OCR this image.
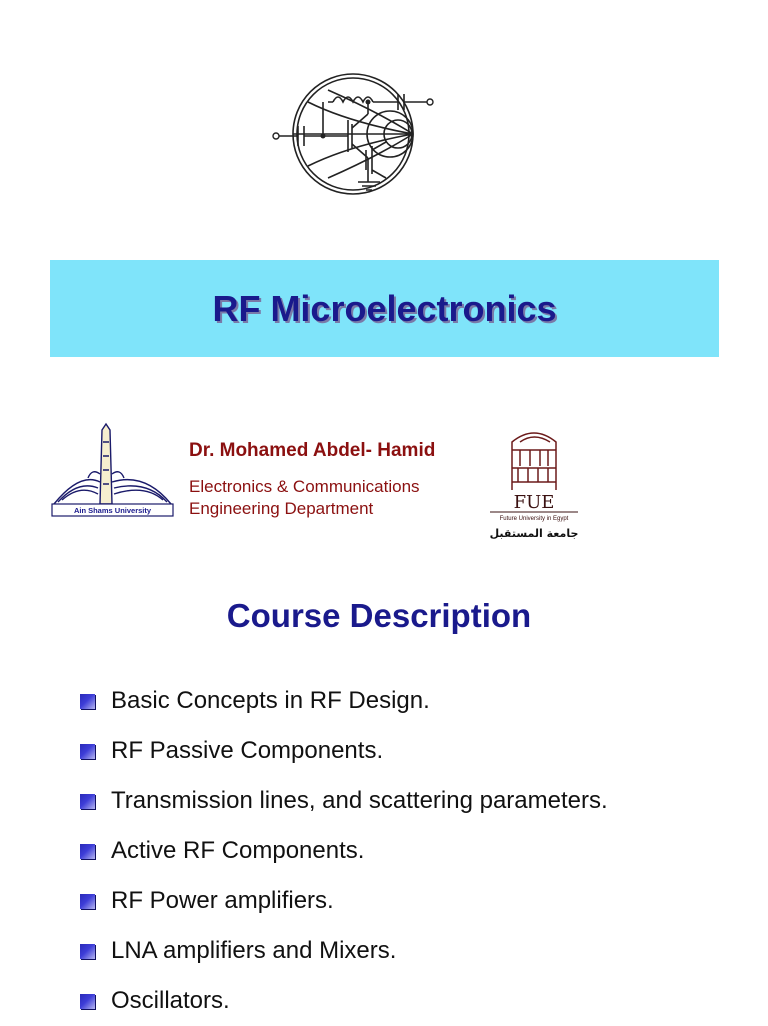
RF Microelectronics
Ain Shams University
Dr. Mohamed Abdel- Hamid
Electronics & Communications
Engineering Department	FUE
Future University in Egypt
جامعة المستقبل
Course Description
Basic Concepts in RF Design.
RF Passive Components.
Transmission lines, and scattering parameters.
Active RF Components.
RF Power amplifiers.
LNA amplifiers and Mixers.
Oscillators.
